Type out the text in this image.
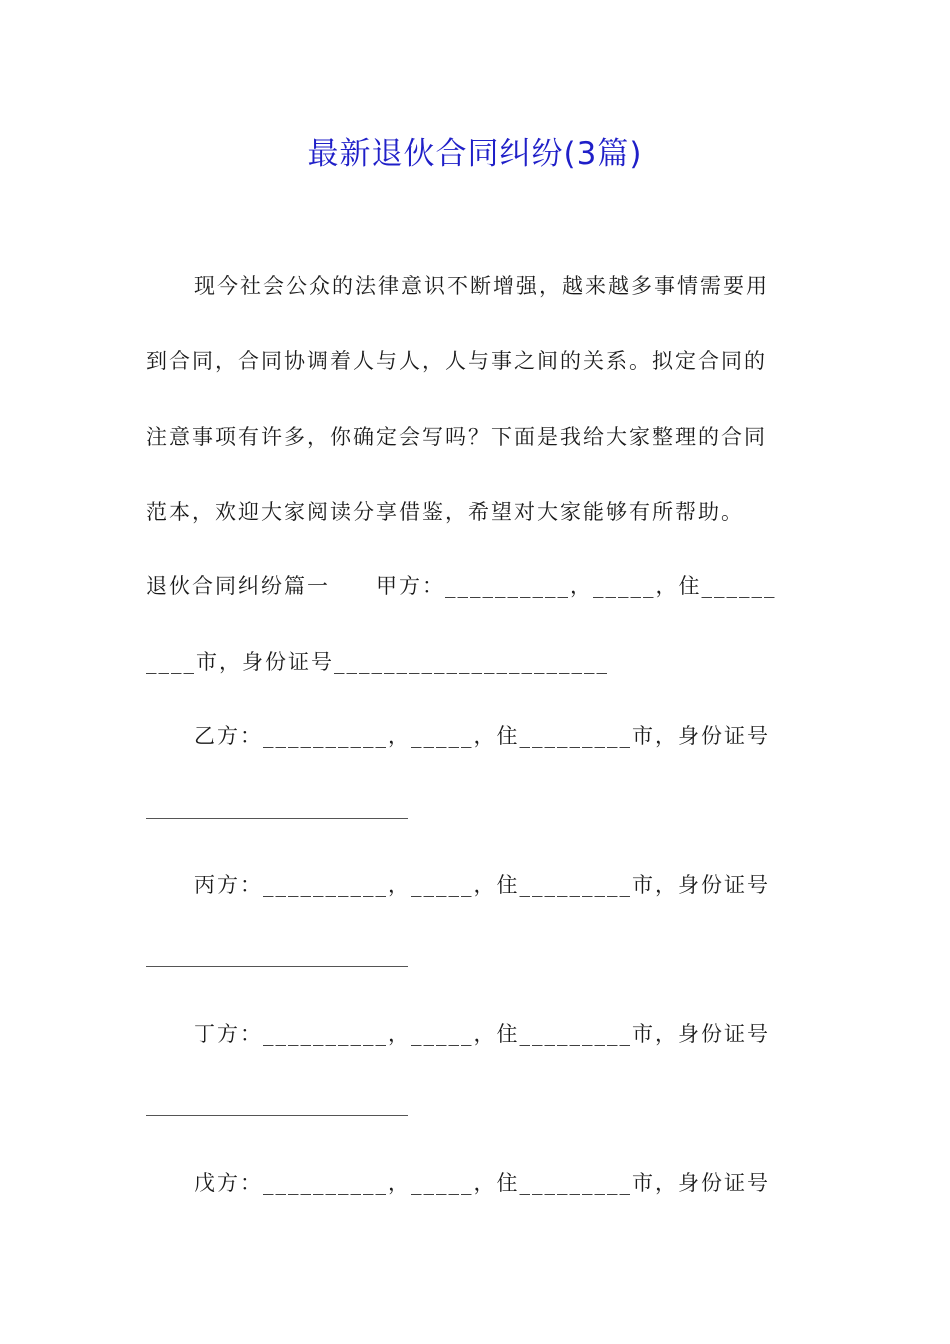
最新退伙合同纠纷(3篇)
现今社会公众的法律意识不断增强，越来越多事情需要用
到合同，合同协调着人与人，人与事之间的关系。拟定合同的
注意事项有许多，你确定会写吗？下面是我给大家整理的合同
范本，欢迎大家阅读分享借鉴，希望对大家能够有所帮助。
退伙合同纠纷篇一　　甲方：__________，_____，住______
____市，身份证号______________________
乙方：__________，_____，住_________市，身份证号
丙方：__________，_____，住_________市，身份证号
丁方：__________，_____，住_________市，身份证号
戊方：__________，_____，住_________市，身份证号
